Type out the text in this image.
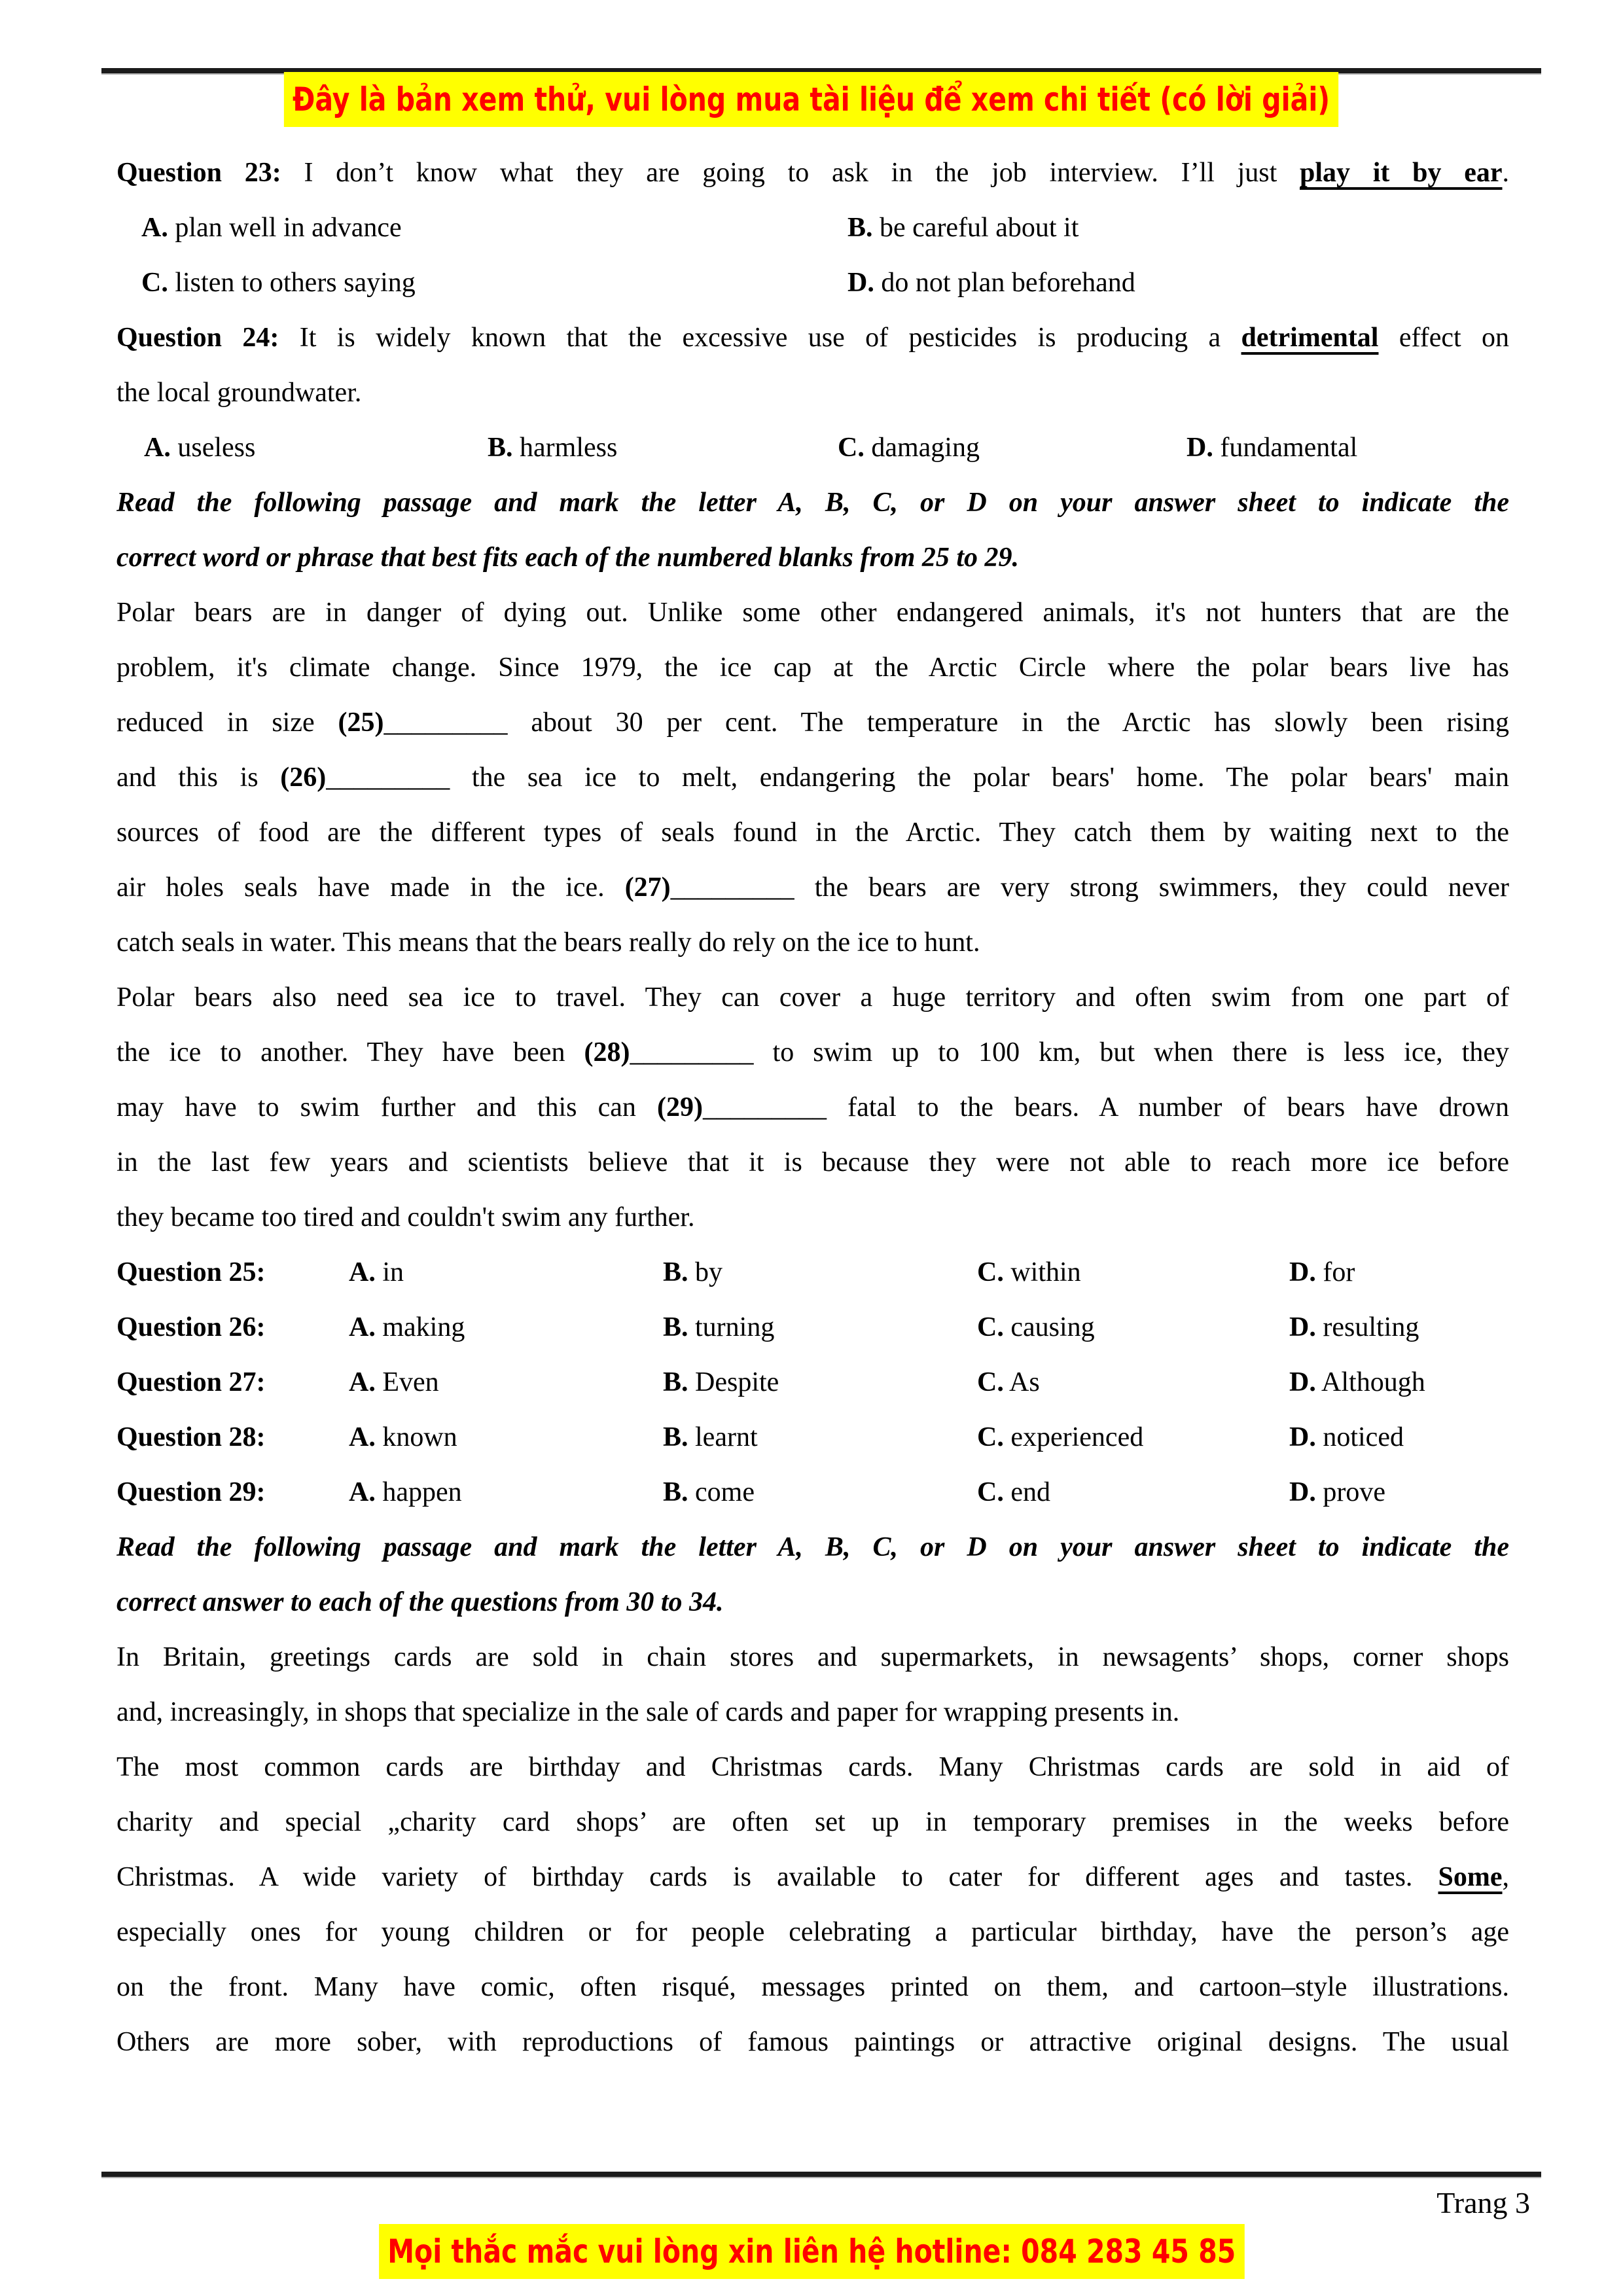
Đây là bản xem thử, vui lòng mua tài liệu để xem chi tiết (có lời giải)
Question 23: I don’t know what they are going to ask in the job interview. I’ll just play it by ear.
A. plan well in advance	B. be careful about it
C. listen to others saying	D. do not plan beforehand
Question 24: It is widely known that the excessive use of pesticides is producing a detrimental effect on
the local groundwater.
A. useless	B. harmless	C. damaging	D. fundamental
Read the following passage and mark the letter A, B, C, or D on your answer sheet to indicate the
correct word or phrase that best fits each of the numbered blanks from 25 to 29.
Polar bears are in danger of dying out. Unlike some other endangered animals, it's not hunters that are the
problem, it's climate change. Since 1979, the ice cap at the Arctic Circle where the polar bears live has
reduced in size (25)_________ about 30 per cent. The temperature in the Arctic has slowly been rising
and this is (26)_________ the sea ice to melt, endangering the polar bears' home. The polar bears' main
sources of food are the different types of seals found in the Arctic. They catch them by waiting next to the
air holes seals have made in the ice. (27)_________ the bears are very strong swimmers, they could never
catch seals in water. This means that the bears really do rely on the ice to hunt.
Polar bears also need sea ice to travel. They can cover a huge territory and often swim from one part of
the ice to another. They have been (28)_________ to swim up to 100 km, but when there is less ice, they
may have to swim further and this can (29)_________ fatal to the bears. A number of bears have drown
in the last few years and scientists believe that it is because they were not able to reach more ice before
they became too tired and couldn't swim any further.
Question 25:	A. in	B. by	C. within	D. for
Question 26:	A. making	B. turning	C. causing	D. resulting
Question 27:	A. Even	B. Despite	C. As	D. Although
Question 28:	A. known	B. learnt	C. experienced	D. noticed
Question 29:	A. happen	B. come	C. end	D. prove
Read the following passage and mark the letter A, B, C, or D on your answer sheet to indicate the
correct answer to each of the questions from 30 to 34.
In Britain, greetings cards are sold in chain stores and supermarkets, in newsagents’ shops, corner shops
and, increasingly, in shops that specialize in the sale of cards and paper for wrapping presents in.
The most common cards are birthday and Christmas cards. Many Christmas cards are sold in aid of
charity and special „charity card shops’ are often set up in temporary premises in the weeks before
Christmas. A wide variety of birthday cards is available to cater for different ages and tastes. Some,
especially ones for young children or for people celebrating a particular birthday, have the person’s age
on the front. Many have comic, often risqué, messages printed on them, and cartoon–style illustrations.
Others are more sober, with reproductions of famous paintings or attractive original designs. The usual
Trang 3
Mọi thắc mắc vui lòng xin liên hệ hotline: 084 283 45 85
